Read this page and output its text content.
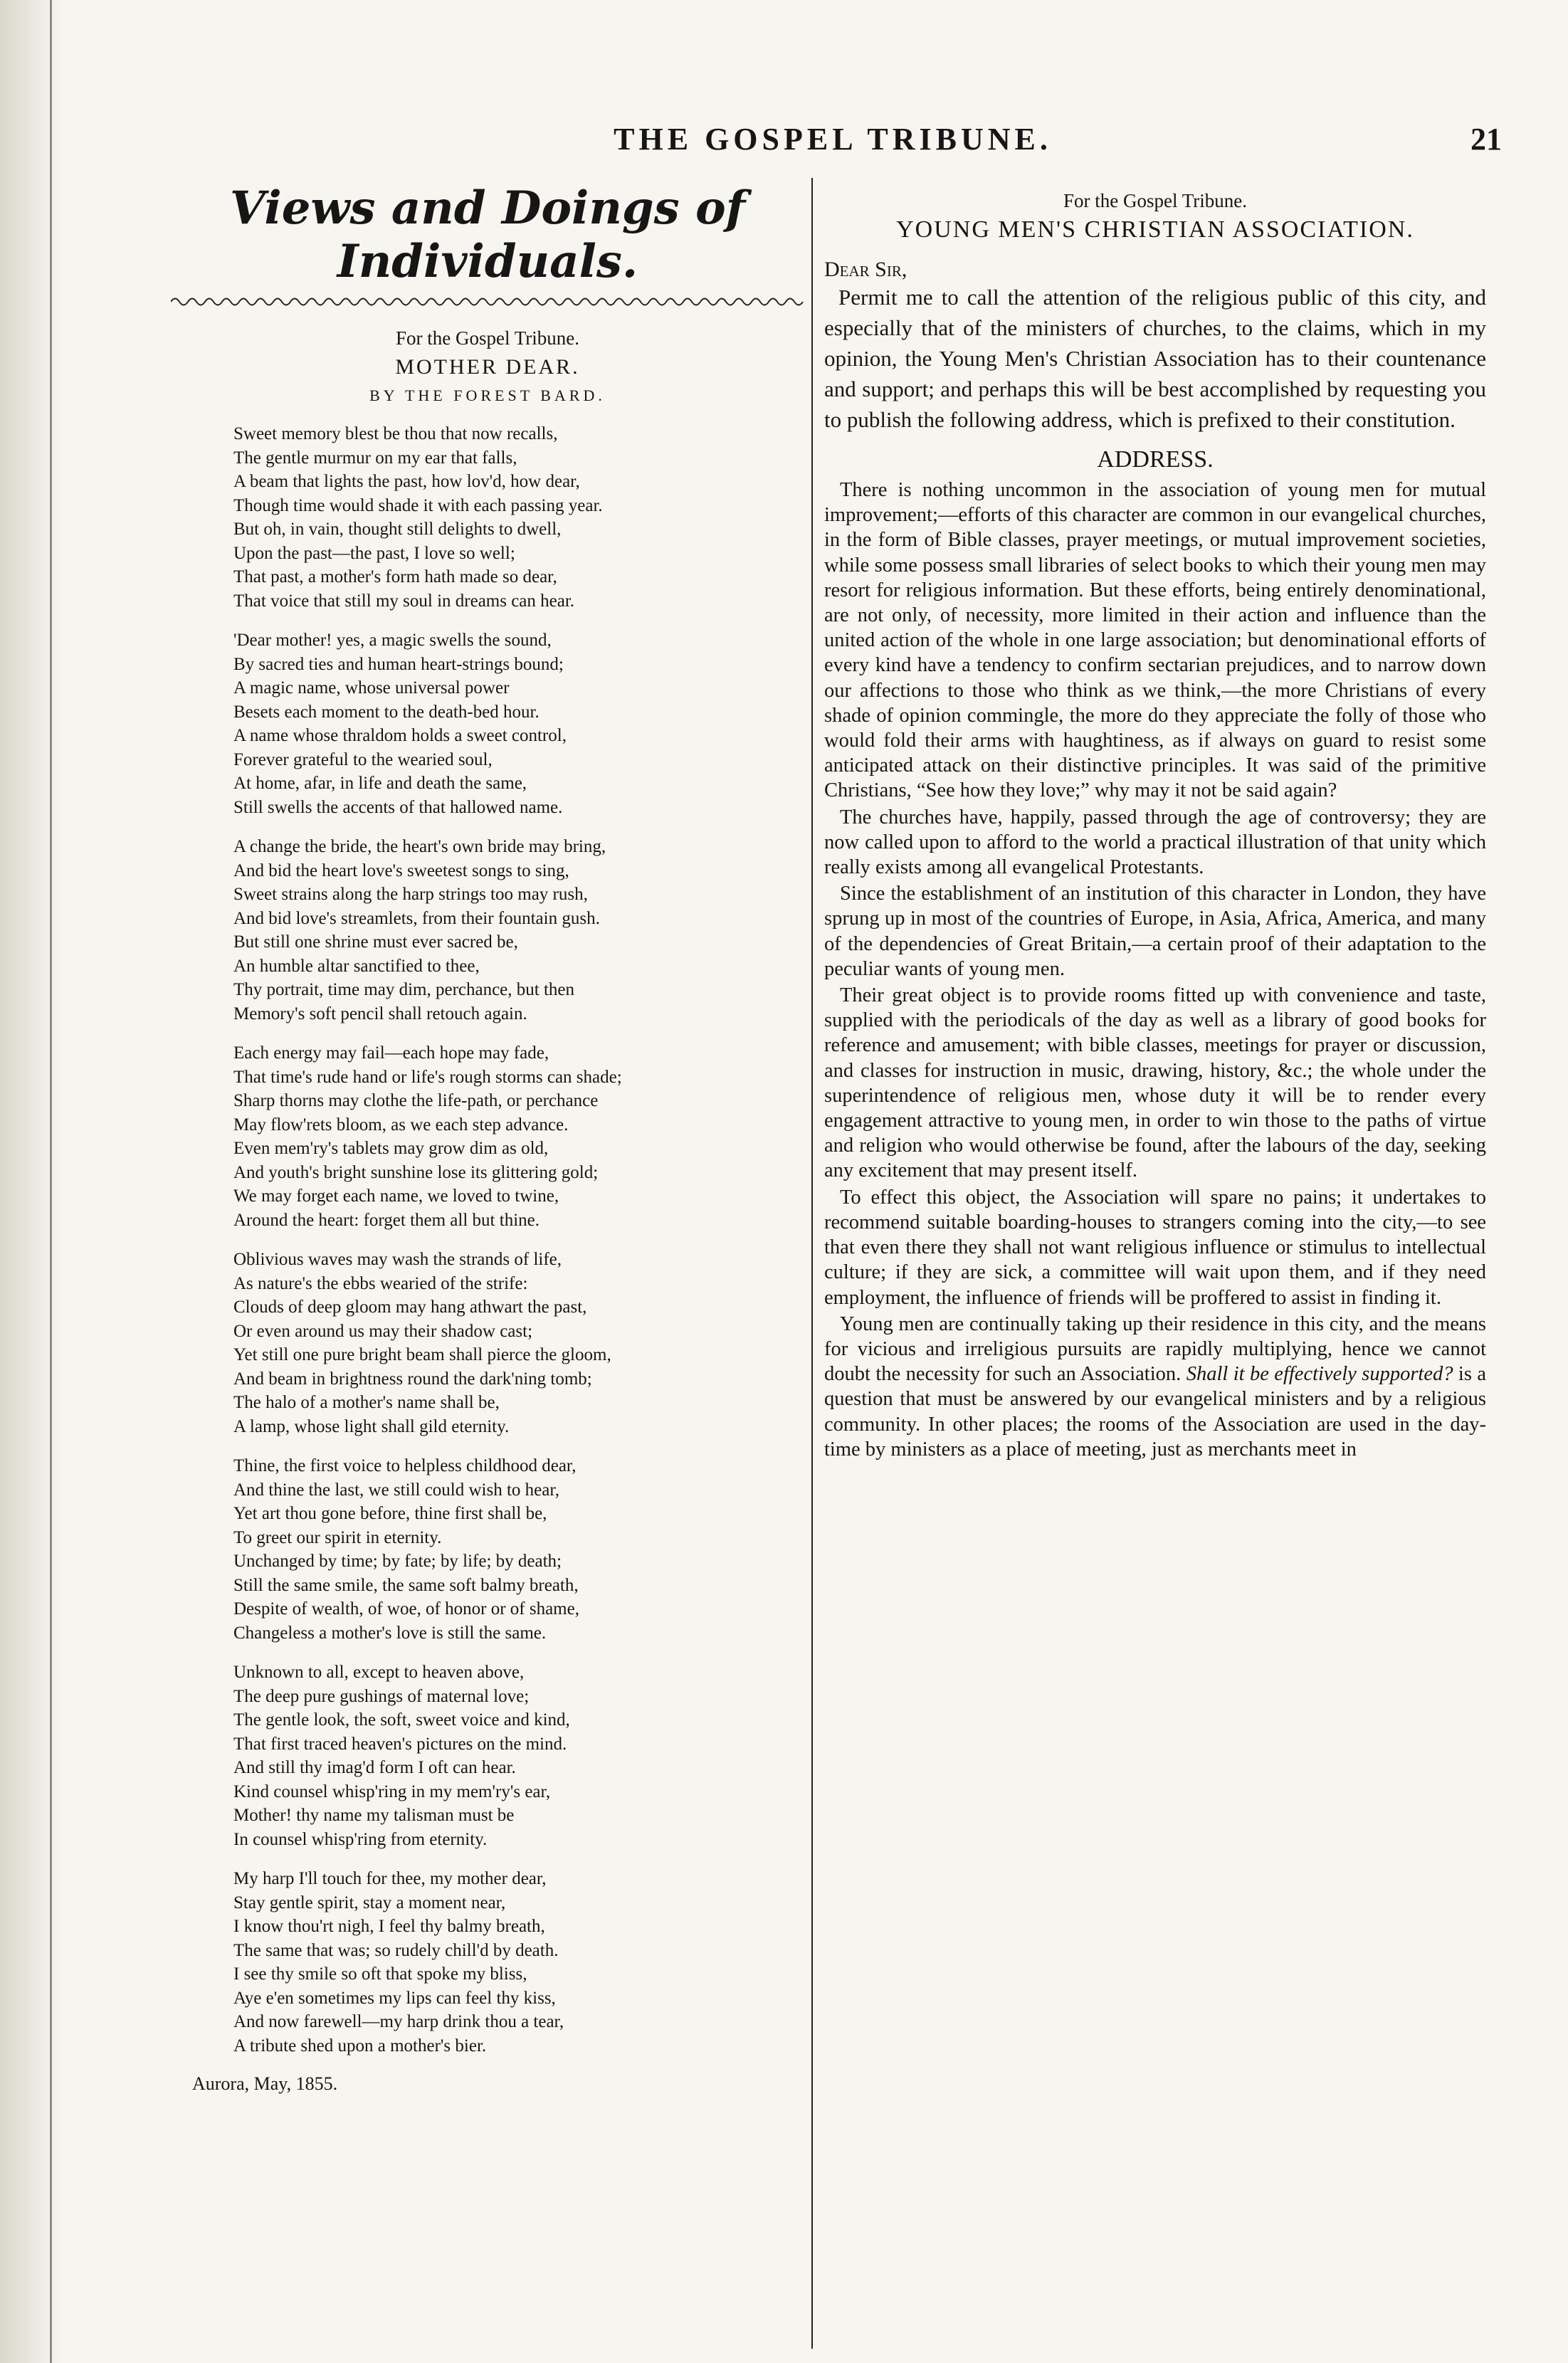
THE GOSPEL TRIBUNE.	21
Views and Doings of Individuals.
For the Gospel Tribune.
MOTHER DEAR.
BY THE FOREST BARD.
Sweet memory blest be thou that now recalls,
The gentle murmur on my ear that falls,
A beam that lights the past, how lov'd, how dear,
Though time would shade it with each passing year.
But oh, in vain, thought still delights to dwell,
Upon the past—the past, I love so well;
That past, a mother's form hath made so dear,
That voice that still my soul in dreams can hear.
'Dear mother! yes, a magic swells the sound,
By sacred ties and human heart-strings bound;
A magic name, whose universal power
Besets each moment to the death-bed hour.
A name whose thraldom holds a sweet control,
Forever grateful to the wearied soul,
At home, afar, in life and death the same,
Still swells the accents of that hallowed name.
A change the bride, the heart's own bride may bring,
And bid the heart love's sweetest songs to sing,
Sweet strains along the harp strings too may rush,
And bid love's streamlets, from their fountain gush.
But still one shrine must ever sacred be,
An humble altar sanctified to thee,
Thy portrait, time may dim, perchance, but then
Memory's soft pencil shall retouch again.
Each energy may fail—each hope may fade,
That time's rude hand or life's rough storms can shade;
Sharp thorns may clothe the life-path, or perchance
May flow'rets bloom, as we each step advance.
Even mem'ry's tablets may grow dim as old,
And youth's bright sunshine lose its glittering gold;
We may forget each name, we loved to twine,
Around the heart: forget them all but thine.
Oblivious waves may wash the strands of life,
As nature's the ebbs wearied of the strife:
Clouds of deep gloom may hang athwart the past,
Or even around us may their shadow cast;
Yet still one pure bright beam shall pierce the gloom,
And beam in brightness round the dark'ning tomb;
The halo of a mother's name shall be,
A lamp, whose light shall gild eternity.
Thine, the first voice to helpless childhood dear,
And thine the last, we still could wish to hear,
Yet art thou gone before, thine first shall be,
To greet our spirit in eternity.
Unchanged by time; by fate; by life; by death;
Still the same smile, the same soft balmy breath,
Despite of wealth, of woe, of honor or of shame,
Changeless a mother's love is still the same.
Unknown to all, except to heaven above,
The deep pure gushings of maternal love;
The gentle look, the soft, sweet voice and kind,
That first traced heaven's pictures on the mind.
And still thy imag'd form I oft can hear.
Kind counsel whisp'ring in my mem'ry's ear,
Mother! thy name my talisman must be
In counsel whisp'ring from eternity.
My harp I'll touch for thee, my mother dear,
Stay gentle spirit, stay a moment near,
I know thou'rt nigh, I feel thy balmy breath,
The same that was; so rudely chill'd by death.
I see thy smile so oft that spoke my bliss,
Aye e'en sometimes my lips can feel thy kiss,
And now farewell—my harp drink thou a tear,
A tribute shed upon a mother's bier.
Aurora, May, 1855.
For the Gospel Tribune.
YOUNG MEN'S CHRISTIAN ASSOCIATION.
Dear Sir,

Permit me to call the attention of the religious public of this city, and especially that of the ministers of churches, to the claims, which in my opinion, the Young Men's Christian Association has to their countenance and support; and perhaps this will be best accomplished by requesting you to publish the following address, which is prefixed to their constitution.

ADDRESS.

There is nothing uncommon in the association of young men for mutual improvement;—efforts of this character are common in our evangelical churches, in the form of Bible classes, prayer meetings, or mutual improvement societies, while some possess small libraries of select books to which their young men may resort for religious information. But these efforts, being entirely denominational, are not only, of necessity, more limited in their action and influence than the united action of the whole in one large association; but denominational efforts of every kind have a tendency to confirm sectarian prejudices, and to narrow down our affections to those who think as we think,—the more Christians of every shade of opinion commingle, the more do they appreciate the folly of those who would fold their arms with haughtiness, as if always on guard to resist some anticipated attack on their distinctive principles. It was said of the primitive Christians, “See how they love;” why may it not be said again?

The churches have, happily, passed through the age of controversy; they are now called upon to afford to the world a practical illustration of that unity which really exists among all evangelical Protestants.

Since the establishment of an institution of this character in London, they have sprung up in most of the countries of Europe, in Asia, Africa, America, and many of the dependencies of Great Britain,—a certain proof of their adaptation to the peculiar wants of young men.

Their great object is to provide rooms fitted up with convenience and taste, supplied with the periodicals of the day as well as a library of good books for reference and amusement; with bible classes, meetings for prayer or discussion, and classes for instruction in music, drawing, history, &c.; the whole under the superintendence of religious men, whose duty it will be to render every engagement attractive to young men, in order to win those to the paths of virtue and religion who would otherwise be found, after the labours of the day, seeking any excitement that may present itself.

To effect this object, the Association will spare no pains; it undertakes to recommend suitable boarding-houses to strangers coming into the city,—to see that even there they shall not want religious influence or stimulus to intellectual culture; if they are sick, a committee will wait upon them, and if they need employment, the influence of friends will be proffered to assist in finding it.

Young men are continually taking up their residence in this city, and the means for vicious and irreligious pursuits are rapidly multiplying, hence we cannot doubt the necessity for such an Association. Shall it be effectively supported? is a question that must be answered by our evangelical ministers and by a religious community. In other places; the rooms of the Association are used in the day-time by ministers as a place of meeting, just as merchants meet in
